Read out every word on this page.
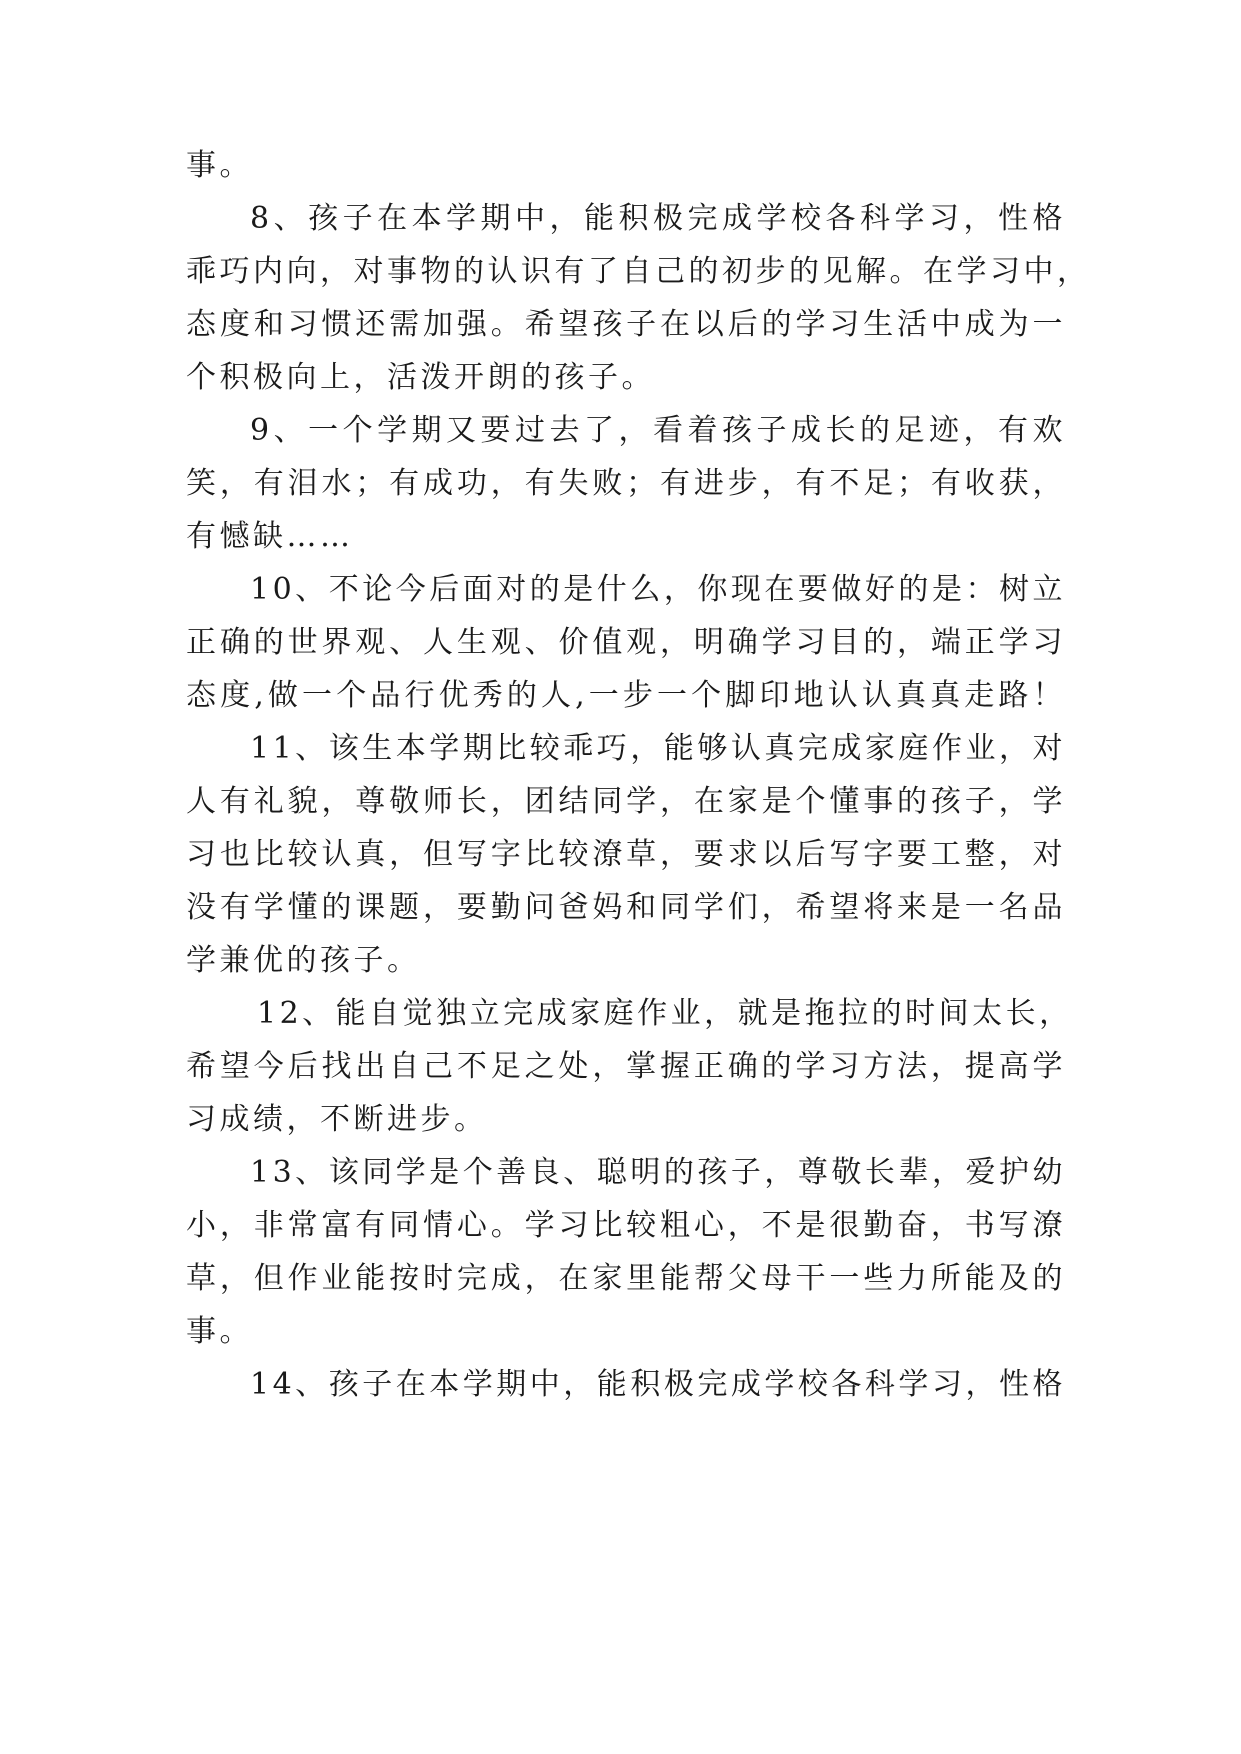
事。
8、孩子在本学期中，能积极完成学校各科学习，性格
乖巧内向，对事物的认识有了自己的初步的见解。在学习中，
态度和习惯还需加强。希望孩子在以后的学习生活中成为一
个积极向上，活泼开朗的孩子。
9、一个学期又要过去了，看着孩子成长的足迹，有欢
笑，有泪水；有成功，有失败；有进步，有不足；有收获，
有憾缺……
10、不论今后面对的是什么，你现在要做好的是：树立
正确的世界观、人生观、价值观，明确学习目的，端正学习
态度,做一个品行优秀的人,一步一个脚印地认认真真走路！
11、该生本学期比较乖巧，能够认真完成家庭作业，对
人有礼貌，尊敬师长，团结同学，在家是个懂事的孩子，学
习也比较认真，但写字比较潦草，要求以后写字要工整，对
没有学懂的课题，要勤问爸妈和同学们，希望将来是一名品
学兼优的孩子。
12、能自觉独立完成家庭作业，就是拖拉的时间太长，
希望今后找出自己不足之处，掌握正确的学习方法，提高学
习成绩，不断进步。
13、该同学是个善良、聪明的孩子，尊敬长辈，爱护幼
小，非常富有同情心。学习比较粗心，不是很勤奋，书写潦
草，但作业能按时完成，在家里能帮父母干一些力所能及的
事。
14、孩子在本学期中，能积极完成学校各科学习，性格
